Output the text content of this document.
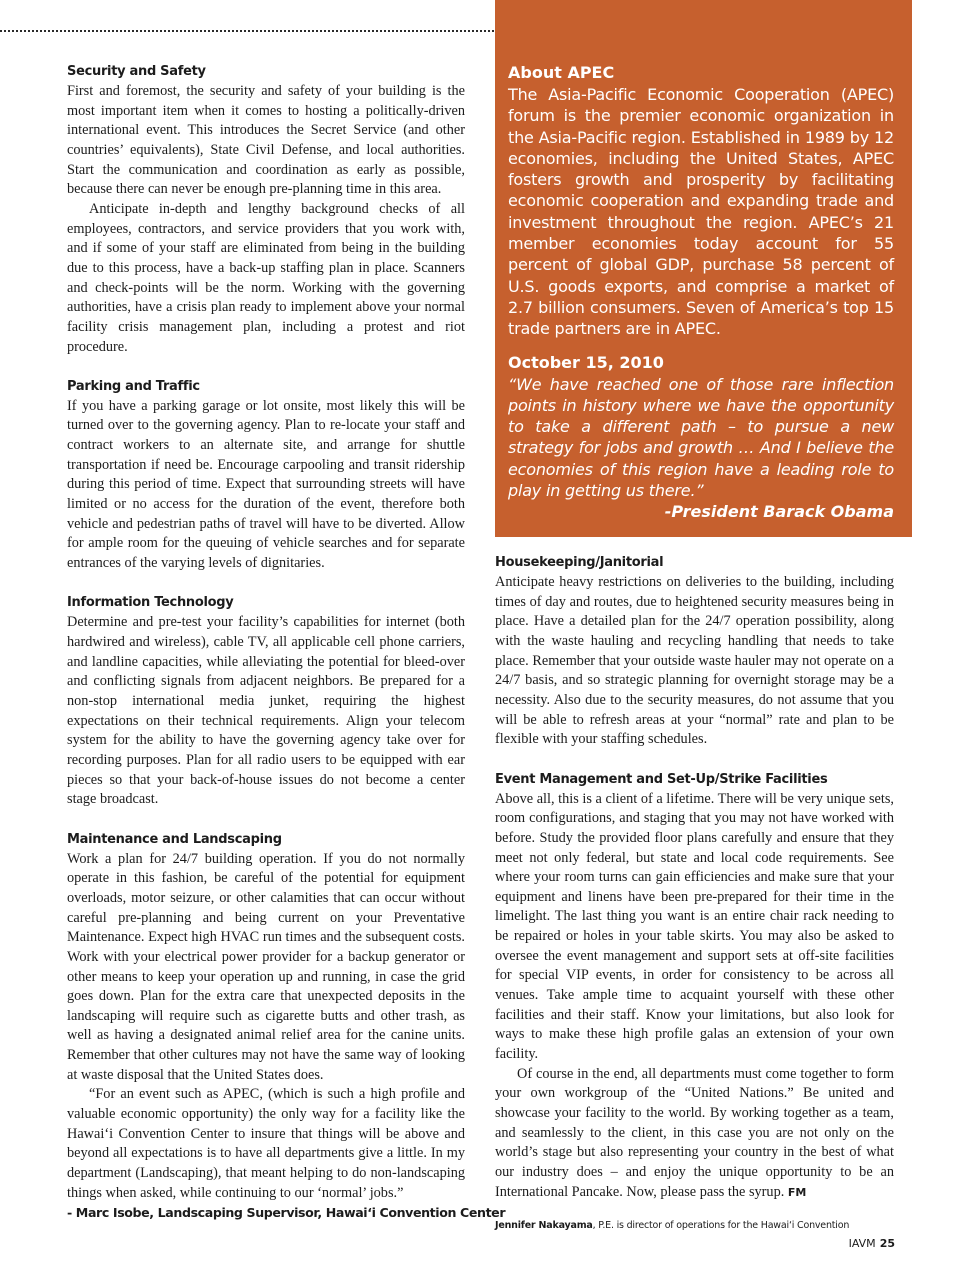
Security and Safety

First and foremost, the security and safety of your building is the most important item when it comes to hosting a politically-driven international event. This introduces the Secret Service (and other countries’ equivalents), State Civil Defense, and local authorities. Start the communication and coordination as early as possible, because there can never be enough pre-planning time in this area.

Anticipate in-depth and lengthy background checks of all employees, contractors, and service providers that you work with, and if some of your staff are eliminated from being in the building due to this process, have a back-up staffing plan in place. Scanners and check-points will be the norm. Working with the governing authorities, have a crisis plan ready to implement above your normal facility crisis management plan, including a protest and riot procedure.

Parking and Traffic

If you have a parking garage or lot onsite, most likely this will be turned over to the governing agency. Plan to re-locate your staff and contract workers to an alternate site, and arrange for shuttle transportation if need be. Encourage carpooling and transit ridership during this period of time. Expect that surrounding streets will have limited or no access for the duration of the event, therefore both vehicle and pedestrian paths of travel will have to be diverted. Allow for ample room for the queuing of vehicle searches and for separate entrances of the varying levels of dignitaries.

Information Technology

Determine and pre-test your facility’s capabilities for internet (both hardwired and wireless), cable TV, all applicable cell phone carriers, and landline capacities, while alleviating the potential for bleed-over and conflicting signals from adjacent neighbors. Be prepared for a non-stop international media junket, requiring the highest expectations on their technical requirements. Align your telecom system for the ability to have the governing agency take over for recording purposes. Plan for all radio users to be equipped with ear pieces so that your back-of-house issues do not become a center stage broadcast.

Maintenance and Landscaping

Work a plan for 24/7 building operation. If you do not normally operate in this fashion, be careful of the potential for equipment overloads, motor seizure, or other calamities that can occur without careful pre-planning and being current on your Preventative Maintenance. Expect high HVAC run times and the subsequent costs. Work with your electrical power provider for a backup generator or other means to keep your operation up and running, in case the grid goes down. Plan for the extra care that unexpected deposits in the landscaping will require such as cigarette butts and other trash, as well as having a designated animal relief area for the canine units. Remember that other cultures may not have the same way of looking at waste disposal that the United States does.

“For an event such as APEC, (which is such a high profile and valuable economic opportunity) the only way for a facility like the Hawai‘i Convention Center to insure that things will be above and beyond all expectations is to have all departments give a little. In my department (Landscaping), that meant helping to do non-landscaping things when asked, while continuing to our ‘normal’ jobs.”

- Marc Isobe, Landscaping Supervisor, Hawai‘i Convention Center

About APEC

The Asia-Pacific Economic Cooperation (APEC) forum is the premier economic organization in the Asia-Pacific region. Established in 1989 by 12 economies, including the United States, APEC fosters growth and prosperity by facilitating economic cooperation and expanding trade and investment throughout the region. APEC’s 21 member economies today account for 55 percent of global GDP, purchase 58 percent of U.S. goods exports, and comprise a market of 2.7 billion consumers. Seven of America’s top 15 trade partners are in APEC.

October 15, 2010

“We have reached one of those rare inflection points in history where we have the opportunity to take a different path – to pursue a new strategy for jobs and growth … And I believe the economies of this region have a leading role to play in getting us there.”

-President Barack Obama

Housekeeping/Janitorial

Anticipate heavy restrictions on deliveries to the building, including times of day and routes, due to heightened security measures being in place. Have a detailed plan for the 24/7 operation possibility, along with the waste hauling and recycling handling that needs to take place. Remember that your outside waste hauler may not operate on a 24/7 basis, and so strategic planning for overnight storage may be a necessity. Also due to the security measures, do not assume that you will be able to refresh areas at your “normal” rate and plan to be flexible with your staffing schedules.

Event Management and Set-Up/Strike Facilities

Above all, this is a client of a lifetime. There will be very unique sets, room configurations, and staging that you may not have worked with before. Study the provided floor plans carefully and ensure that they meet not only federal, but state and local code requirements. See where your room turns can gain efficiencies and make sure that your equipment and linens have been pre-prepared for their time in the limelight. The last thing you want is an entire chair rack needing to be repaired or holes in your table skirts. You may also be asked to oversee the event management and support sets at off-site facilities for special VIP events, in order for consistency to be across all venues. Take ample time to acquaint yourself with these other facilities and their staff. Know your limitations, but also look for ways to make these high profile galas an extension of your own facility.

Of course in the end, all departments must come together to form your own workgroup of the “United Nations.” Be united and showcase your facility to the world. By working together as a team, and seamlessly to the client, in this case you are not only on the world’s stage but also representing your country in the best of what our industry does – and enjoy the unique opportunity to be an International Pancake. Now, please pass the syrup. FM

Jennifer Nakayama, P.E. is director of operations for the Hawai‘i Convention

IAVM 25
